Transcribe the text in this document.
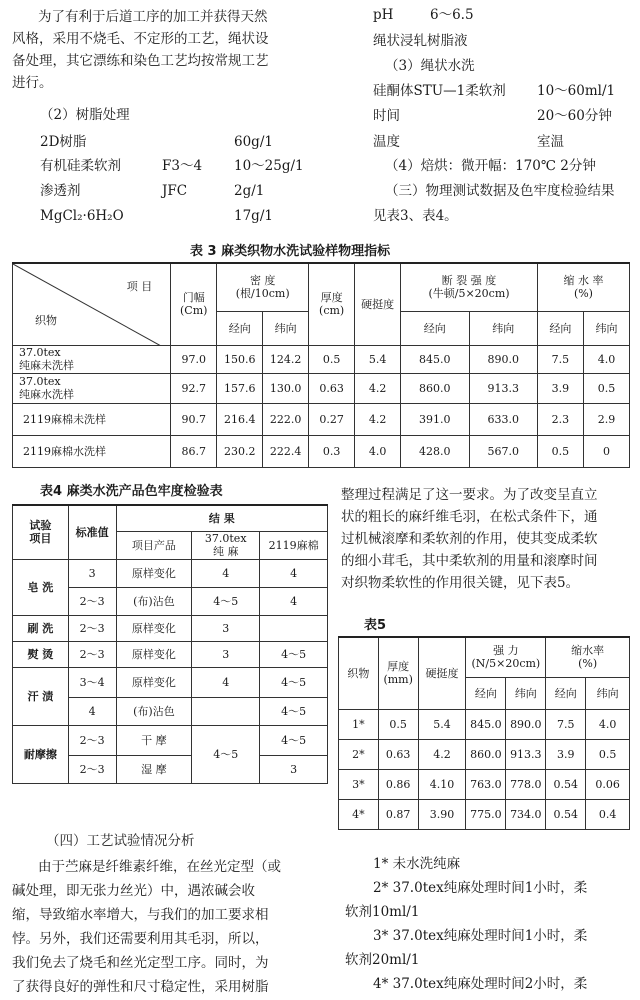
为了有利于后道工序的加工并获得天然
风格，采用不烧毛、不定形的工艺，绳状设
备处理，其它漂练和染色工艺均按常规工艺
进行。
（2）树脂处理
2D树脂	60g/1
有机硅柔软剂	F3～4 10～25g/1
渗透剂	JFC	2g/1
MgCl₂·6H₂O	17g/1
pH	6～6.5
绳状浸轧树脂液
（3）绳状水洗
硅酮体STU—1柔软剂 10～60ml/1
时间	20～60分钟
温度	室温
（4）焙烘：微开幅：170℃ 2分钟
（三）物理测试数据及色牢度检验结果
见表3、表4。
表 3 麻类织物水洗试验样物理指标
项 目
织物	门幅
(Cm)	密 度
(根/10cm)		厚度
(cm)	硬挺度	断 裂 强 度
(牛顿/5×20cm)		缩 水 率
(%)	
		经向	纬向			经向	纬向	经向	纬向
37.0tex
纯麻未洗样	97.0	150.6	124.2	0.5	5.4	845.0	890.0	7.5	4.0
37.0tex
纯麻水洗样	92.7	157.6	130.0	0.63	4.2	860.0	913.3	3.9	0.5
2119麻棉未洗样	90.7	216.4	222.0	0.27	4.2	391.0	633.0	2.3	2.9
2119麻棉水洗样	86.7	230.2	222.4	0.3	4.0	428.0	567.0	0.5	0
表4 麻类水洗产品色牢度检验表
试验
项目	标准值	结 果		
		项目产品	37.0tex
纯 麻	2119麻棉
皂 洗	3	原样变化	4	4
	2～3	(布)沾色	4～5	4
刷 洗	2～3	原样变化	3	
熨 烫	2～3	原样变化	3	4～5
汗 渍	3～4	原样变化	4	4～5
	4	(布)沾色		4～5
耐摩擦	2～3	干 摩	4～5	4～5
	2～3	湿 摩		3
整理过程满足了这一要求。为了改变呈直立
状的粗长的麻纤维毛羽，在松式条件下，通
过机械滚摩和柔软剂的作用，使其变成柔软
的细小茸毛，其中柔软剂的用量和滚摩时间
对织物柔软性的作用很关键，见下表5。
表5
织物	厚度
(mm)	硬挺度	强 力
(N/5×20cm)		缩水率
(%)	
			经向	纬向	经向	纬向
1*	0.5	5.4	845.0	890.0	7.5	4.0
2*	0.63	4.2	860.0	913.3	3.9	0.5
3*	0.86	4.10	763.0	778.0	0.54	0.06
4*	0.87	3.90	775.0	734.0	0.54	0.4
（四）工艺试验情况分析
由于苎麻是纤维素纤维，在丝光定型（或
碱处理，即无张力丝光）中，遇浓碱会收
缩，导致缩水率增大，与我们的加工要求相
悖。另外，我们还需要利用其毛羽，所以，
我们免去了烧毛和丝光定型工序。同时，为
了获得良好的弹性和尺寸稳定性，采用树脂
1* 未水洗纯麻
2* 37.0tex纯麻处理时间1小时，柔
软剂10ml/1
3* 37.0tex纯麻处理时间1小时，柔
软剂20ml/1
4* 37.0tex纯麻处理时间2小时，柔
